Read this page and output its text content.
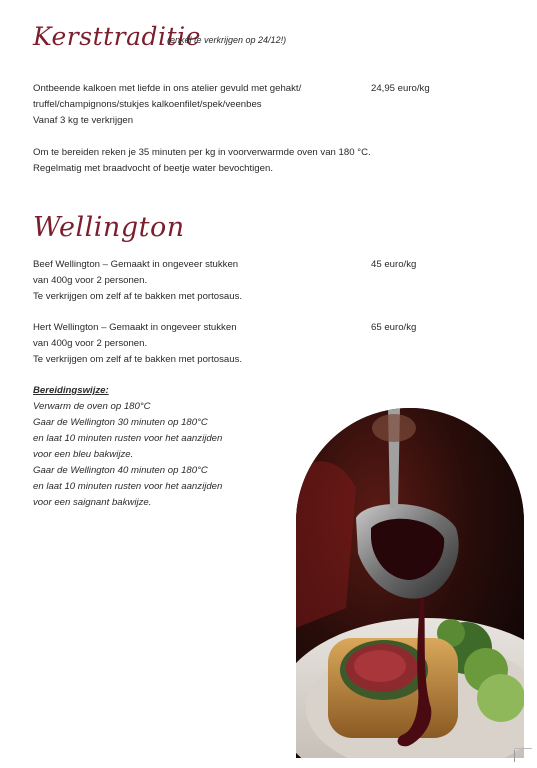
Kersttraditie
(enkel te verkrijgen op 24/12!)
Ontbeende kalkoen met liefde in ons atelier gevuld met gehakt/
truffel/champignons/stukjes kalkoenfilet/spek/veenbes
Vanaf 3 kg te verkrijgen
24,95 euro/kg
Om te bereiden reken je 35 minuten per kg in voorverwarmde oven van 180 °C.
Regelmatig met braadvocht of beetje water bevochtigen.
Wellington
Beef Wellington – Gemaakt in ongeveer stukken
van 400g voor 2 personen.
Te verkrijgen om zelf af te bakken met portosaus.
45 euro/kg
Hert Wellington – Gemaakt in ongeveer stukken
van 400g voor 2 personen.
Te verkrijgen om zelf af te bakken met portosaus.
65 euro/kg
Bereidingswijze:
Verwarm de oven op 180°C
Gaar de Wellington 30 minuten op 180°C
en laat 10 minuten rusten voor het aanzijden
voor een bleu bakwijze.
Gaar de Wellington 40 minuten op 180°C
en laat 10 minuten rusten voor het aanzijden
voor een saignant bakwijze.
